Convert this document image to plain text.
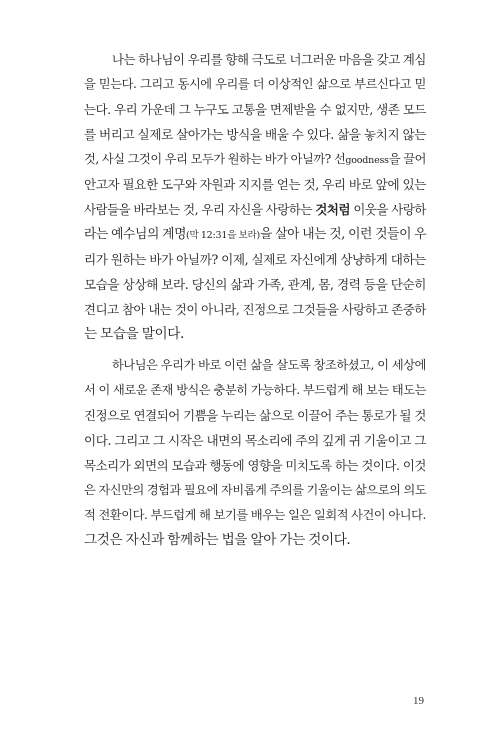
나는 하나님이 우리를 향해 극도로 너그러운 마음을 갖고 계심
을 믿는다. 그리고 동시에 우리를 더 이상적인 삶으로 부르신다고 믿
는다. 우리 가운데 그 누구도 고통을 면제받을 수 없지만, 생존 모드
를 버리고 실제로 살아가는 방식을 배울 수 있다. 삶을 놓치지 않는
것, 사실 그것이 우리 모두가 원하는 바가 아닐까? 선goodness을 끌어
안고자 필요한 도구와 자원과 지지를 얻는 것, 우리 바로 앞에 있는
사람들을 바라보는 것, 우리 자신을 사랑하는 것처럼 이웃을 사랑하
라는 예수님의 계명(막 12:31을 보라)을 살아 내는 것, 이런 것들이 우
리가 원하는 바가 아닐까? 이제, 실제로 자신에게 상냥하게 대하는
모습을 상상해 보라. 당신의 삶과 가족, 관계, 몸, 경력 등을 단순히
견디고 참아 내는 것이 아니라, 진정으로 그것들을 사랑하고 존중하
는 모습을 말이다.
하나님은 우리가 바로 이런 삶을 살도록 창조하셨고, 이 세상에
서 이 새로운 존재 방식은 충분히 가능하다. 부드럽게 해 보는 태도는
진정으로 연결되어 기쁨을 누리는 삶으로 이끌어 주는 통로가 될 것
이다. 그리고 그 시작은 내면의 목소리에 주의 깊게 귀 기울이고 그
목소리가 외면의 모습과 행동에 영향을 미치도록 하는 것이다. 이것
은 자신만의 경험과 필요에 자비롭게 주의를 기울이는 삶으로의 의도
적 전환이다. 부드럽게 해 보기를 배우는 일은 일회적 사건이 아니다.
그것은 자신과 함께하는 법을 알아 가는 것이다.
19
